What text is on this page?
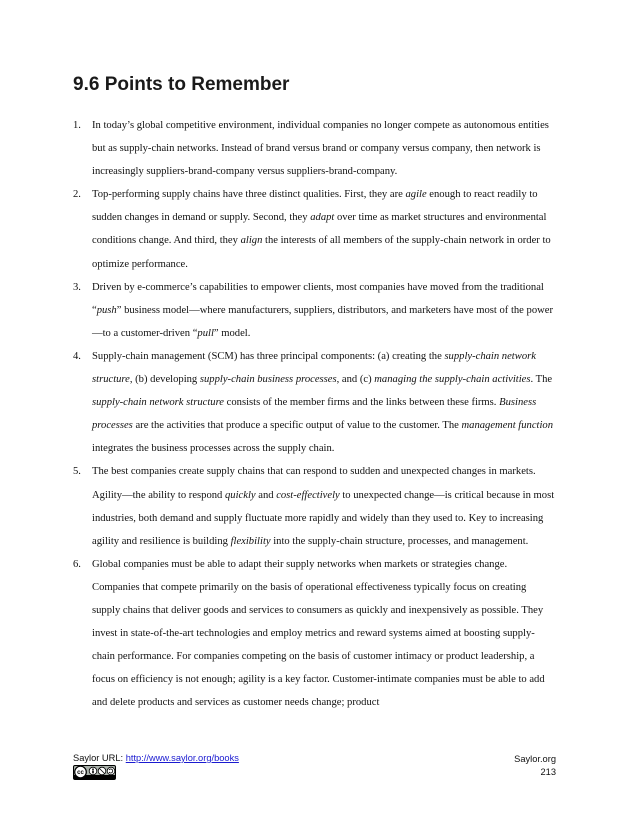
9.6 Points to Remember
1. In today’s global competitive environment, individual companies no longer compete as autonomous entities but as supply-chain networks. Instead of brand versus brand or company versus company, then network is increasingly suppliers-brand-company versus suppliers-brand-company.
2. Top-performing supply chains have three distinct qualities. First, they are agile enough to react readily to sudden changes in demand or supply. Second, they adapt over time as market structures and environmental conditions change. And third, they align the interests of all members of the supply-chain network in order to optimize performance.
3. Driven by e-commerce’s capabilities to empower clients, most companies have moved from the traditional “push” business model—where manufacturers, suppliers, distributors, and marketers have most of the power—to a customer-driven “pull” model.
4. Supply-chain management (SCM) has three principal components: (a) creating the supply-chain network structure, (b) developing supply-chain business processes, and (c) managing the supply-chain activities. The supply-chain network structure consists of the member firms and the links between these firms. Business processes are the activities that produce a specific output of value to the customer. The management function integrates the business processes across the supply chain.
5. The best companies create supply chains that can respond to sudden and unexpected changes in markets. Agility—the ability to respond quickly and cost-effectively to unexpected change—is critical because in most industries, both demand and supply fluctuate more rapidly and widely than they used to. Key to increasing agility and resilience is building flexibility into the supply-chain structure, processes, and management.
6. Global companies must be able to adapt their supply networks when markets or strategies change. Companies that compete primarily on the basis of operational effectiveness typically focus on creating supply chains that deliver goods and services to consumers as quickly and inexpensively as possible. They invest in state-of-the-art technologies and employ metrics and reward systems aimed at boosting supply-chain performance. For companies competing on the basis of customer intimacy or product leadership, a focus on efficiency is not enough; agility is a key factor. Customer-intimate companies must be able to add and delete products and services as customer needs change; product
Saylor URL: http://www.saylor.org/books
cc
Saylor.org
213
